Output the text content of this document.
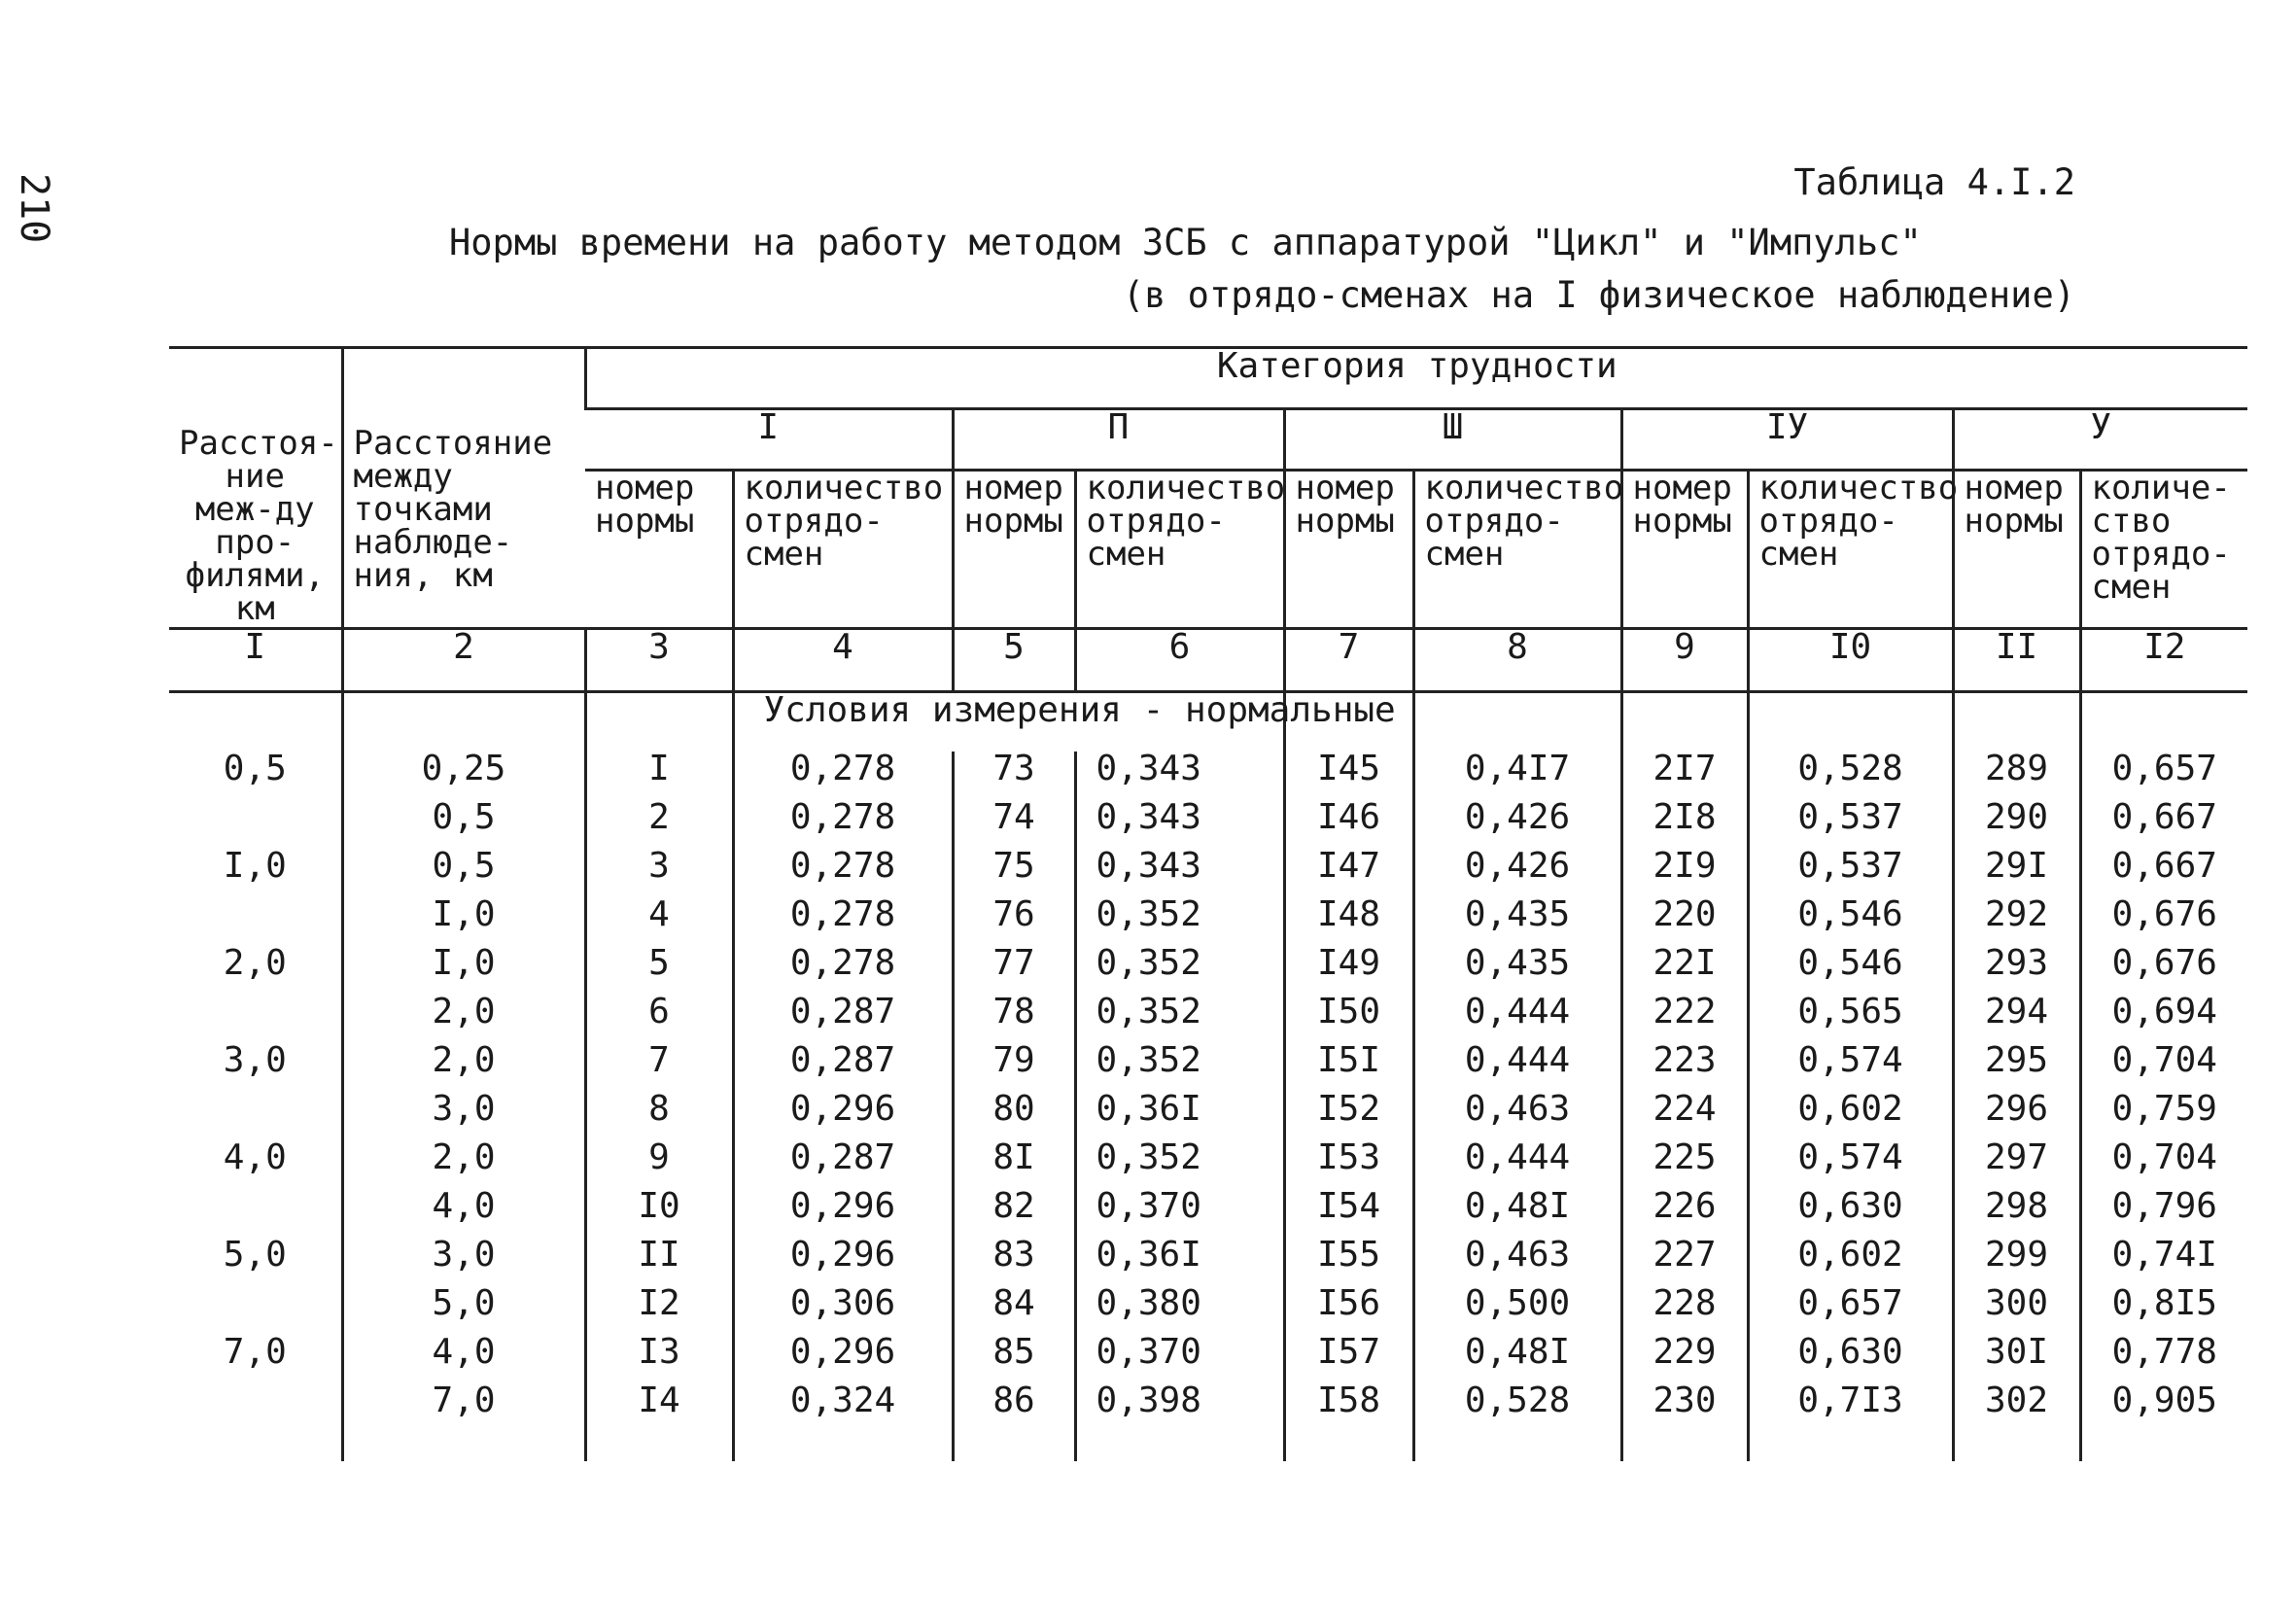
210	Таблица 4.I.2
Нормы времени на работу методом ЗСБ с аппаратурой "Цикл" и "Импульс"
(в отрядо-сменах на I физическое наблюдение)
Расстоя-ние меж-ду про-филями, км	Расстояние между точками наблюде-ния, км	Категория трудности									
		I		П		Ш		IУ		У	
		номер нормы	количество отрядо-смен	номер нормы	количество отрядо-смен	номер нормы	количество отрядо-смен	номер нормы	количество отрядо-смен	номер нормы	количе-ство отрядо-смен
I	2	3	4	5	6	7	8	9	I0	II	I2
			Условия измерения - нормальные								
0,5	0,25	I	0,278	73	0,343	I45	0,4I7	2I7	0,528	289	0,657
	0,5	2	0,278	74	0,343	I46	0,426	2I8	0,537	290	0,667
I,0	0,5	3	0,278	75	0,343	I47	0,426	2I9	0,537	29I	0,667
	I,0	4	0,278	76	0,352	I48	0,435	220	0,546	292	0,676
2,0	I,0	5	0,278	77	0,352	I49	0,435	22I	0,546	293	0,676
	2,0	6	0,287	78	0,352	I50	0,444	222	0,565	294	0,694
3,0	2,0	7	0,287	79	0,352	I5I	0,444	223	0,574	295	0,704
	3,0	8	0,296	80	0,36I	I52	0,463	224	0,602	296	0,759
4,0	2,0	9	0,287	8I	0,352	I53	0,444	225	0,574	297	0,704
	4,0	I0	0,296	82	0,370	I54	0,48I	226	0,630	298	0,796
5,0	3,0	II	0,296	83	0,36I	I55	0,463	227	0,602	299	0,74I
	5,0	I2	0,306	84	0,380	I56	0,500	228	0,657	300	0,8I5
7,0	4,0	I3	0,296	85	0,370	I57	0,48I	229	0,630	30I	0,778
	7,0	I4	0,324	86	0,398	I58	0,528	230	0,7I3	302	0,905
